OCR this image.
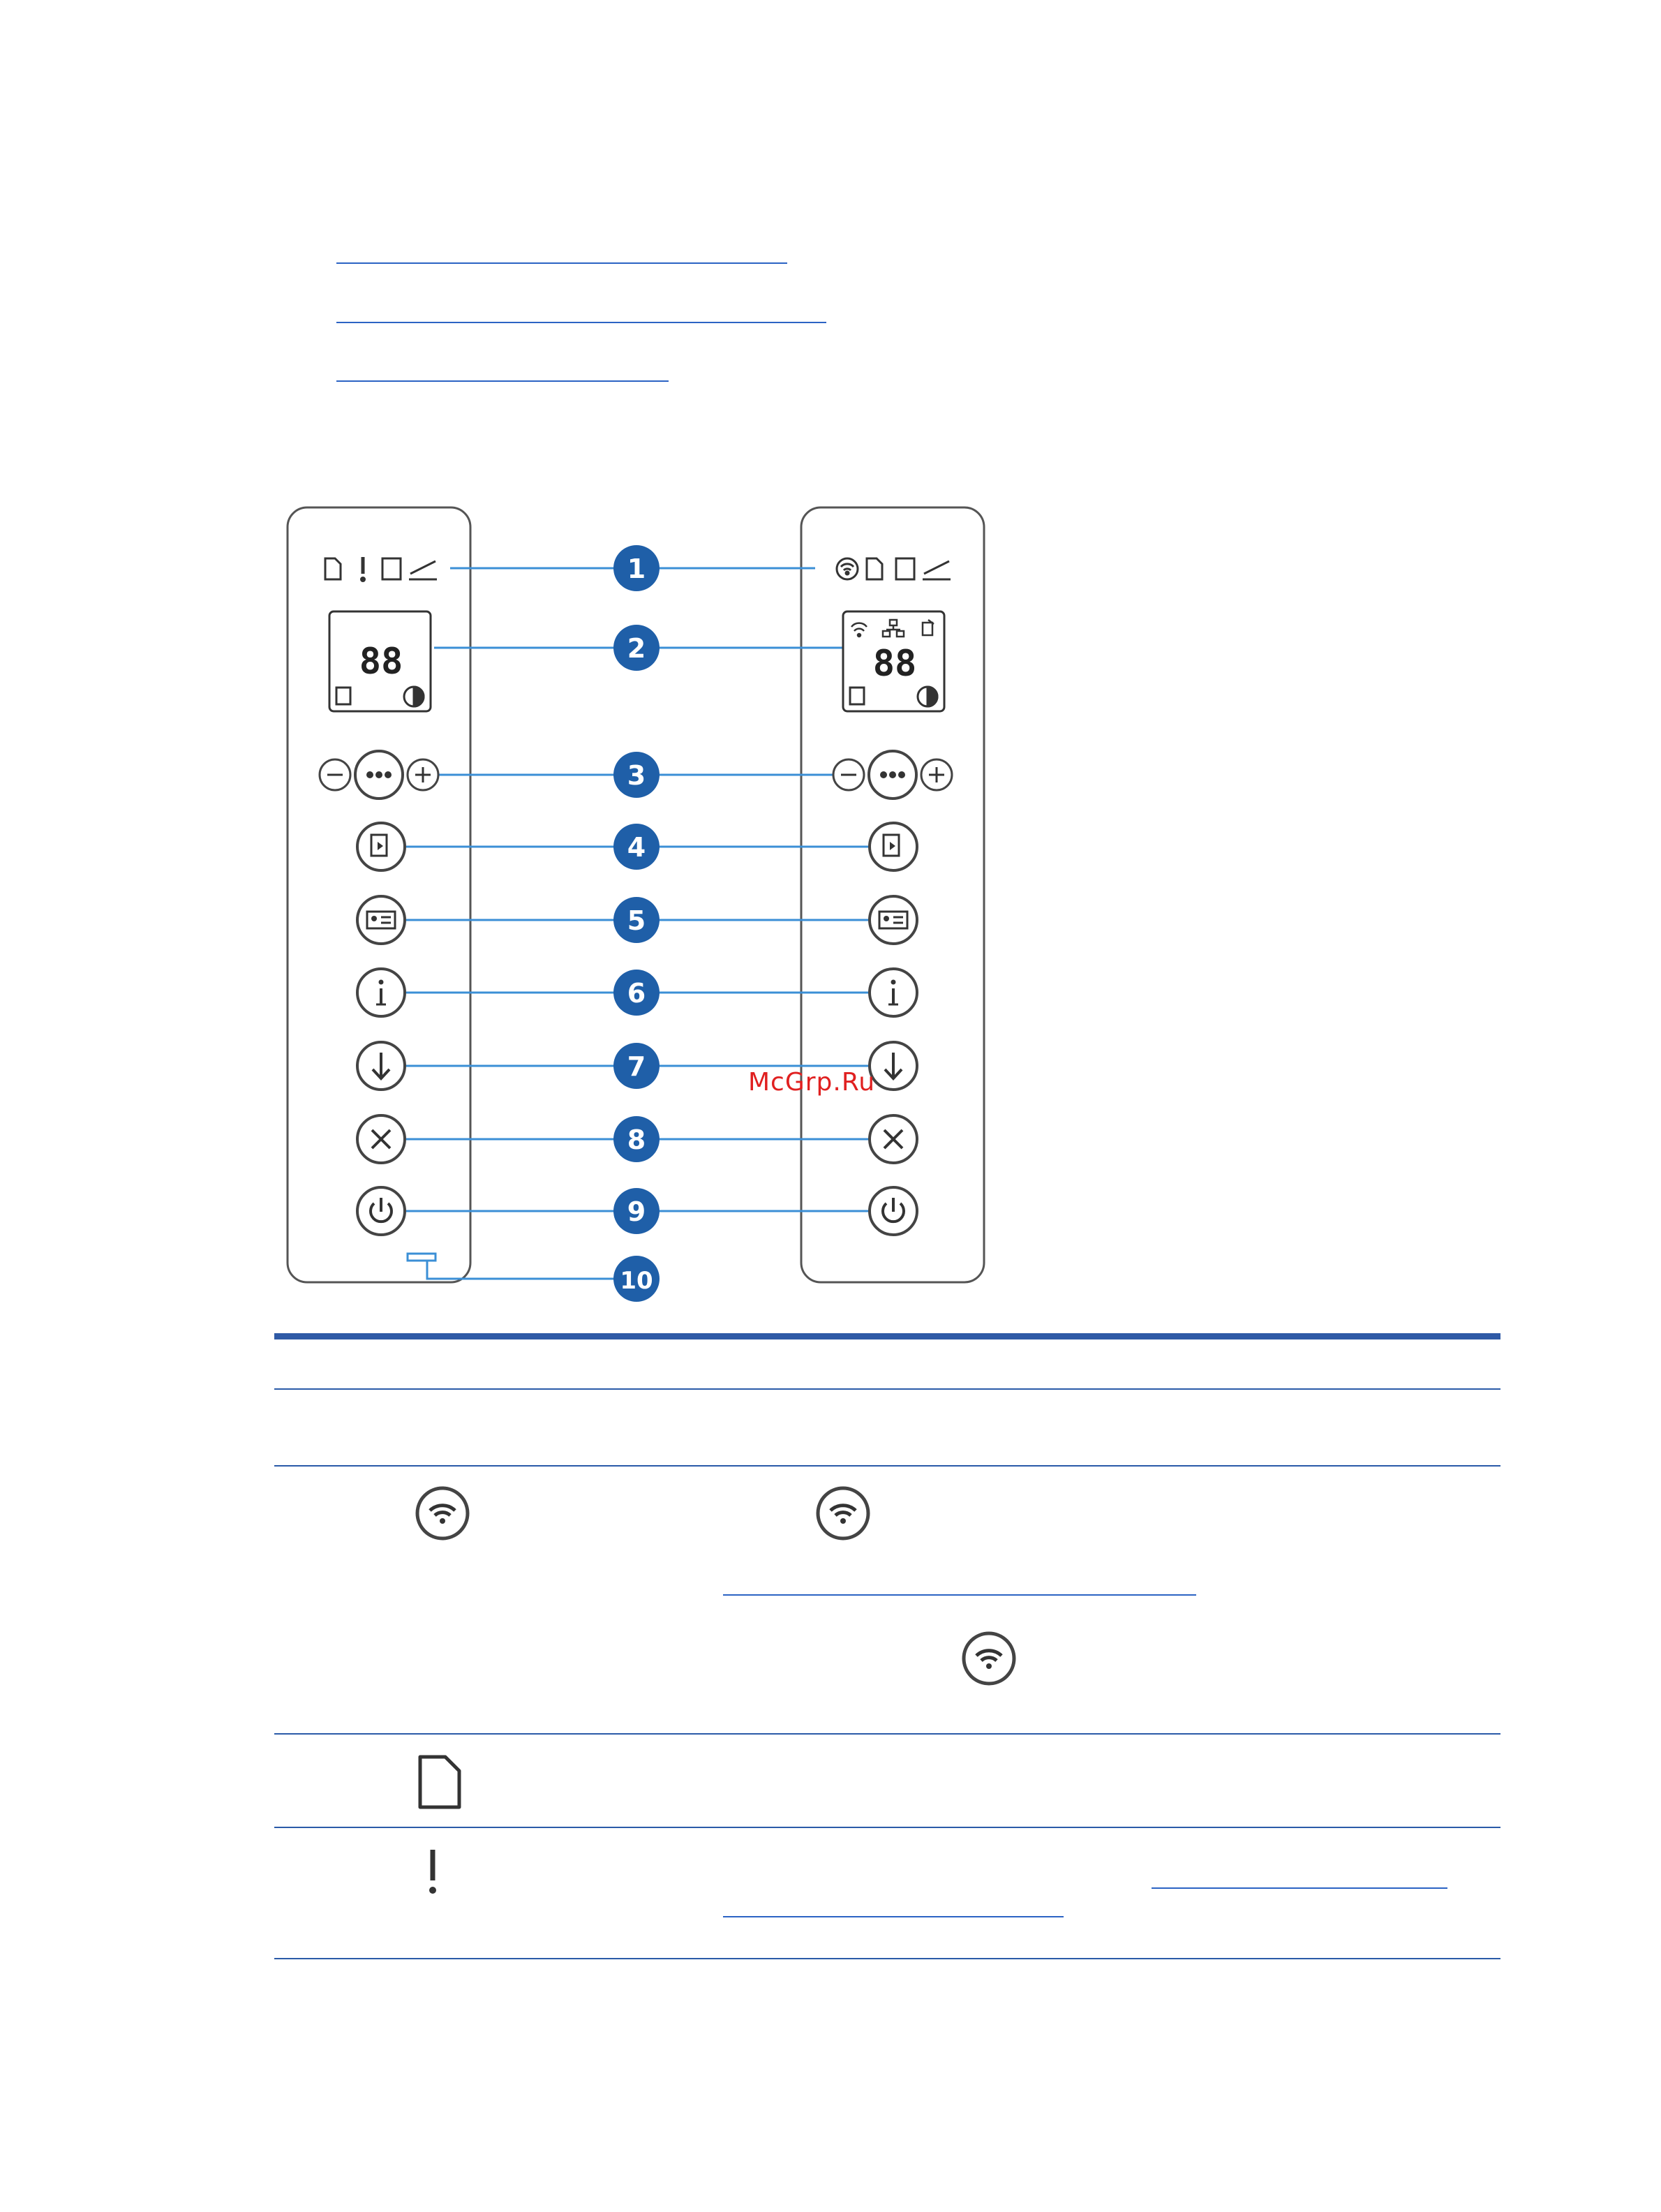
1
2
3
4
5
6
7
8
9
10
88	88
McGrp.Ru
